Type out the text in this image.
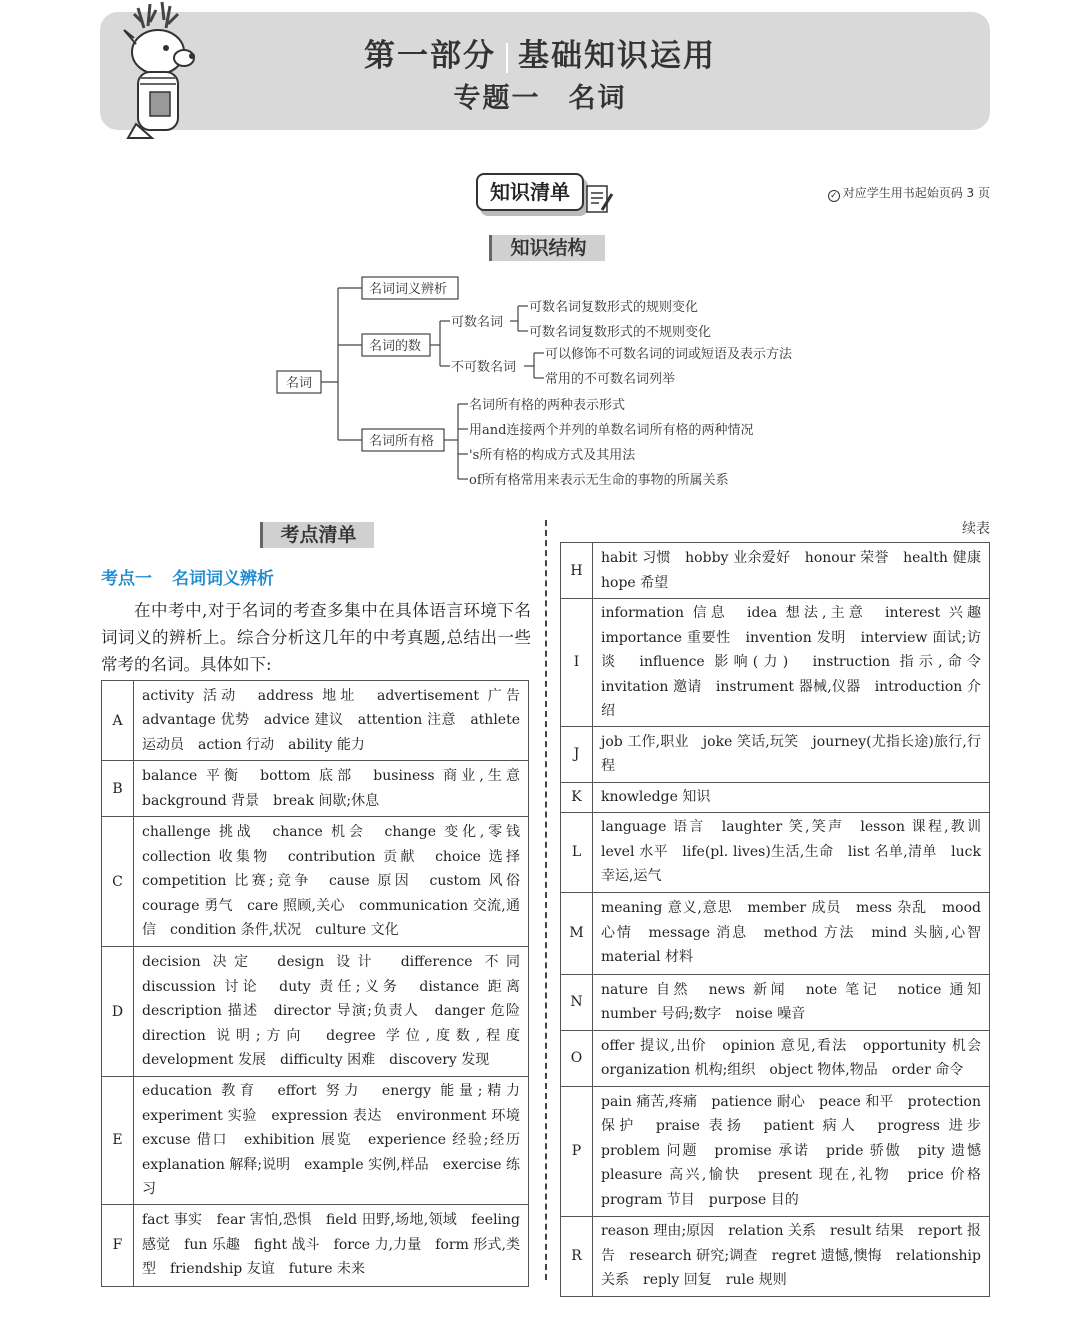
第一部分 基础知识运用
专题一 名词
知识清单	✓ 对应学生用书起始页码 3 页
知识结构
名词
名词词义辨析
名词的数
名词所有格
可数名词
可数名词复数形式的规则变化
可数名词复数形式的不规则变化
不可数名词
可以修饰不可数名词的词或短语及表示方法
常用的不可数名词列举
名词所有格的两种表示形式
用and连接两个并列的单数名词所有格的两种情况
's所有格的构成方式及其用法
of所有格常用来表示无生命的事物的所属关系
考点清单
考点一 名词词义辨析
在中考中,对于名词的考查多集中在具体语言环境下名词词义的辨析上。综合分析这几年的中考真题,总结出一些常考的名词。具体如下:
A	activity 活动　address 地址　advertisement 广告　advantage 优势　advice 建议　attention 注意　athlete 运动员　action 行动　ability 能力
B	balance 平衡　bottom 底部　business 商业,生意　background 背景　break 间歇;休息
C	challenge 挑战　chance 机会　change 变化,零钱　collection 收集物　contribution 贡献　choice 选择　competition 比赛;竞争　cause 原因　custom 风俗　courage 勇气　care 照顾,关心　communication 交流,通信　condition 条件,状况　culture 文化
D	decision 决定　design 设计　difference 不同　discussion 讨论　duty 责任;义务　distance 距离　description 描述　director 导演;负责人　danger 危险　direction 说明;方向　degree 学位,度数,程度　development 发展　difficulty 困难　discovery 发现
E	education 教育　effort 努力　energy 能量;精力　experiment 实验　expression 表达　environment 环境　excuse 借口　exhibition 展览　experience 经验;经历　explanation 解释;说明　example 实例,样品　exercise 练习
F	fact 事实　fear 害怕,恐惧　field 田野,场地,领域　feeling 感觉　fun 乐趣　fight 战斗　force 力,力量　form 形式,类型　friendship 友谊　future 未来
续表
H	habit 习惯　hobby 业余爱好　honour 荣誉　health 健康　hope 希望
I	information 信息　idea 想法,主意　interest 兴趣　importance 重要性　invention 发明　interview 面试;访谈　influence 影响(力)　instruction 指示,命令　invitation 邀请　instrument 器械,仪器　introduction 介绍
J	job 工作,职业　joke 笑话,玩笑　journey(尤指长途)旅行,行程
K	knowledge 知识
L	language 语言　laughter 笑,笑声　lesson 课程,教训　level 水平　life(pl. lives)生活,生命　list 名单,清单　luck 幸运,运气
M	meaning 意义,意思　member 成员　mess 杂乱　mood 心情　message 消息　method 方法　mind 头脑,心智　material 材料
N	nature 自然　news 新闻　note 笔记　notice 通知　number 号码;数字　noise 噪音
O	offer 提议,出价　opinion 意见,看法　opportunity 机会　organization 机构;组织　object 物体,物品　order 命令
P	pain 痛苦,疼痛　patience 耐心　peace 和平　protection 保护　praise 表扬　patient 病人　progress 进步　problem 问题　promise 承诺　pride 骄傲　pity 遗憾　pleasure 高兴,愉快　present 现在,礼物　price 价格　program 节目　purpose 目的
R	reason 理由;原因　relation 关系　result 结果　report 报告　research 研究;调查　regret 遗憾,懊悔　relationship 关系　reply 回复　rule 规则
